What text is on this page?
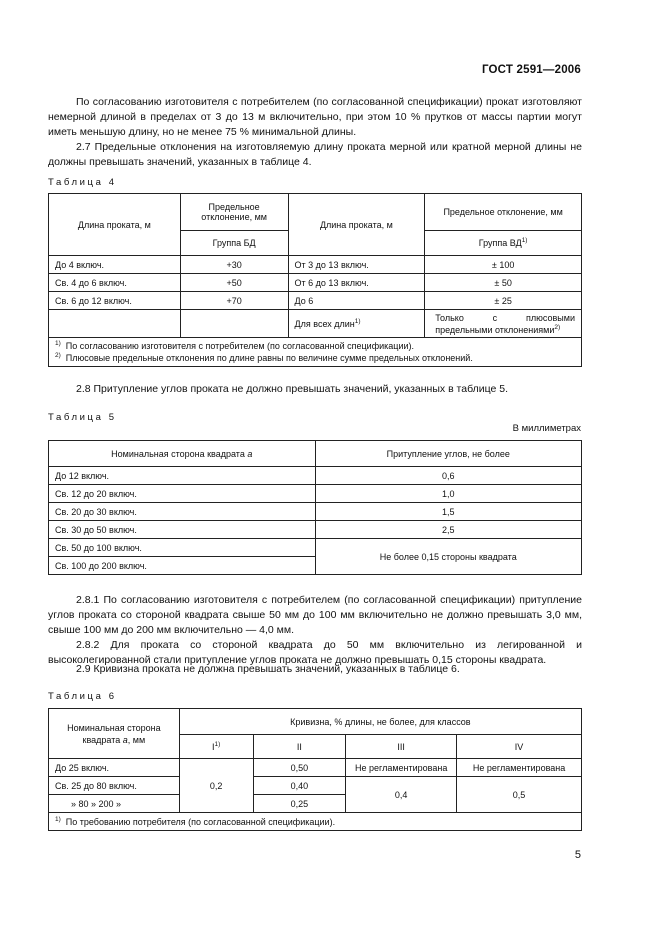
ГОСТ 2591—2006
По согласованию изготовителя с потребителем (по согласованной спецификации) прокат изготовляют немерной длиной в пределах от 3 до 13 м включительно, при этом 10 % прутков от массы партии могут иметь меньшую длину, но не менее 75 % минимальной длины.
2.7 Предельные отклонения на изготовляемую длину проката мерной или кратной мерной длины не должны превышать значений, указанных в таблице 4.
Таблица 4
Длина проката, м	Предельное отклонение, мм	Длина проката, м	Предельное отклонение, мм
	Группа БД		Группа ВД$^{1)}$
До 4 включ.	+30	От 3 до 13 включ.	± 100
Св. 4 до 6 включ.	+50	От 6 до 13 включ.	± 50
Св. 6 до 12 включ.	+70	До 6	± 25
		Для всех длин$^{1)}$	Только с плюсовыми предельными отклонениями$^{2)}$

$^{1)}$ По согласованию изготовителя с потребителем (по согласованной спецификации).
$^{2)}$ Плюсовые предельные отклонения по длине равны по величине сумме предельных отклонений.			
2.8 Притупление углов проката не должно превышать значений, указанных в таблице 5.
Таблица 5
В миллиметрах
Номинальная сторона квадрата а	Притупление углов, не более
До 12 включ.	0,6
Св. 12 до 20 включ.	1,0
Св. 20 до 30 включ.	1,5
Св. 30 до 50 включ.	2,5
Св. 50 до 100 включ.	Не более 0,15 стороны квадрата
Св. 100 до 200 включ.	
2.8.1 По согласованию изготовителя с потребителем (по согласованной спецификации) притупление углов проката со стороной квадрата свыше 50 мм до 100 мм включительно не должно превышать 3,0 мм, свыше 100 мм до 200 мм включительно — 4,0 мм.
2.8.2 Для проката со стороной квадрата до 50 мм включительно из легированной и высоколегированной стали притупление углов проката не должно превышать 0,15 стороны квадрата.
2.9 Кривизна проката не должна превышать значений, указанных в таблице 6.
Таблица 6
Номинальная сторона
квадрата а, мм	Кривизна, % длины, не более, для классов			
	$I^{1)}$	II	III	IV
До 25 включ.	0,2	0,50	Не регламентирована	Не регламентирована
Св. 25 до 80 включ.		0,40	0,4	0,5
» 80 » 200 »		0,25		
$^{1)}$ По требованию потребителя (по согласованной спецификации).				
5
